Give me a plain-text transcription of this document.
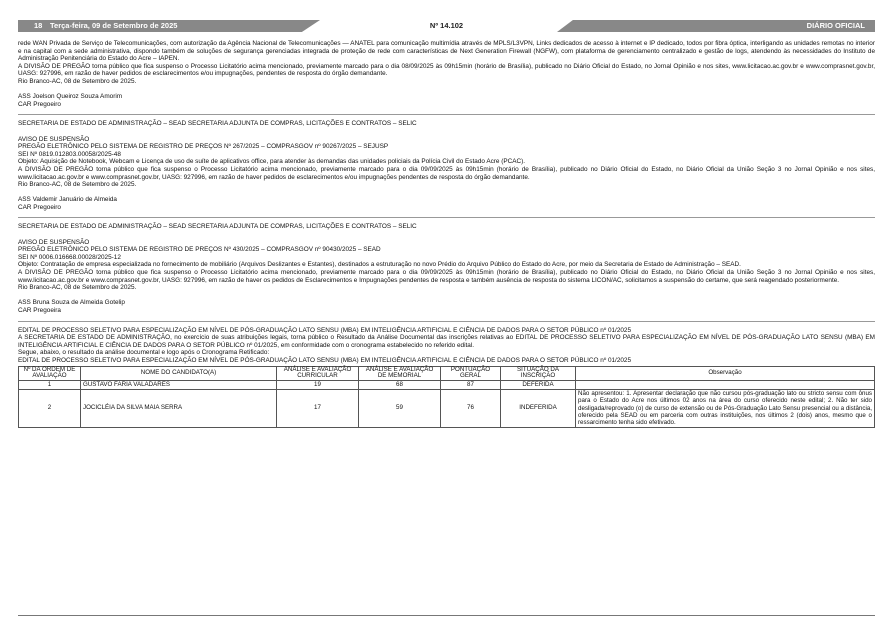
18 Terça-feira, 09 de Setembro de 2025	Nº 14.102	DIÁRIO OFICIAL

rede WAN Privada de Serviço de Telecomunicações, com autorização da Agência Nacional de Telecomunicações — ANATEL para comunicação multimídia através de MPLS/L3VPN, Links dedicados de acesso à internet e IP dedicado, todos por fibra óptica, interligando as unidades remotas no interior e na capital com a sede administrativa, dispondo também de soluções de segurança gerenciadas integrada de proteção de rede com características de Next Generation Firewall (NGFW), com plataforma de gerenciamento centralizado e gestão de logs, atendendo às necessidades do Instituto de Administração Penitenciária do Estado do Acre – IAPEN.

A DIVISÃO DE PREGÃO torna público que fica suspenso o Processo Licitatório acima mencionado, previamente marcado para o dia 08/09/2025 às 09h15min (horário de Brasília), publicado no Diário Oficial do Estado, no Jornal Opinião e nos sites, www.licitacao.ac.gov.br e www.comprasnet.gov.br, UASG: 927996, em razão de haver pedidos de esclarecimentos e/ou impugnações, pendentes de resposta do órgão demandante.

Rio Branco-AC, 08 de Setembro de 2025.

ASS Joelson Queiroz Souza Amorim

CAR Pregoeiro

SECRETARIA DE ESTADO DE ADMINISTRAÇÃO – SEAD SECRETARIA ADJUNTA DE COMPRAS, LICITAÇÕES E CONTRATOS – SELIC

AVISO DE SUSPENSÃO

PREGÃO ELETRÔNICO PELO SISTEMA DE REGISTRO DE PREÇOS Nº 267/2025 – COMPRASGOV nº 90267/2025 – SEJUSP

SEI Nº 0819.012803.00058/2025-48

Objeto: Aquisição de Notebook, Webcam e Licença de uso de suíte de aplicativos office, para atender às demandas das unidades policiais da Polícia Civil do Estado Acre (PCAC).

A DIVISÃO DE PREGÃO torna público que fica suspenso o Processo Licitatório acima mencionado, previamente marcado para o dia 09/09/2025 às 09h15min (horário de Brasília), publicado no Diário Oficial do Estado, no Diário Oficial da União Seção 3 no Jornal Opinião e nos sites, www.licitacao.ac.gov.br e www.comprasnet.gov.br, UASG: 927996, em razão de haver pedidos de esclarecimentos e/ou impugnações pendentes de resposta do órgão demandante.

Rio Branco-AC, 08 de Setembro de 2025.

ASS Valdemir Januário de Almeida

CAR Pregoeiro

SECRETARIA DE ESTADO DE ADMINISTRAÇÃO – SEAD SECRETARIA ADJUNTA DE COMPRAS, LICITAÇÕES E CONTRATOS – SELIC

AVISO DE SUSPENSÃO

PREGÃO ELETRÔNICO PELO SISTEMA DE REGISTRO DE PREÇOS Nº 430/2025 – COMPRASGOV nº 90430/2025 – SEAD

SEI Nº 0006.016668.00028/2025-12

Objeto: Contratação de empresa especializada no fornecimento de mobiliário (Arquivos Deslizantes e Estantes), destinados a estruturação no novo Prédio do Arquivo Público do Estado do Acre, por meio da Secretaria de Estado de Administração – SEAD.

A DIVISÃO DE PREGÃO torna público que fica suspenso o Processo Licitatório acima mencionado, previamente marcado para o dia 09/09/2025 às 09h15min (horário de Brasília), publicado no Diário Oficial do Estado, no Diário Oficial da União Seção 3 no Jornal Opinião e nos sites, www.licitacao.ac.gov.br e www.comprasnet.gov.br, UASG: 927996, em razão de haver os pedidos de Esclarecimentos e Impugnações pendentes de resposta e também ausência de resposta do sistema LICON/AC, solicitamos a suspensão do certame, que será reagendado posteriormente.

Rio Branco-AC, 08 de Setembro de 2025.

ASS Bruna Souza de Almeida Gotelip

CAR Pregoeira

EDITAL DE PROCESSO SELETIVO PARA ESPECIALIZAÇÃO EM NÍVEL DE PÓS-GRADUAÇÃO LATO SENSU (MBA) EM INTELIGÊNCIA ARTIFICIAL E CIÊNCIA DE DADOS PARA O SETOR PÚBLICO nº 01/2025

A SECRETARIA DE ESTADO DE ADMINISTRAÇÃO, no exercício de suas atribuições legais, torna público o Resultado da Análise Documental das inscrições relativas ao EDITAL DE PROCESSO SELETIVO PARA ESPECIALIZAÇÃO EM NÍVEL DE PÓS-GRADUAÇÃO LATO SENSU (MBA) EM INTELIGÊNCIA ARTIFICIAL E CIÊNCIA DE DADOS PARA O SETOR PÚBLICO nº 01/2025, em conformidade com o cronograma estabelecido no referido edital.

Segue, abaixo, o resultado da análise documental e logo após o Cronograma Retificado:

EDITAL DE PROCESSO SELETIVO PARA ESPECIALIZAÇÃO EM NÍVEL DE PÓS-GRADUAÇÃO LATO SENSU (MBA) EM INTELIGÊNCIA ARTIFICIAL E CIÊNCIA DE DADOS PARA O SETOR PÚBLICO nº 01/2025

Nº DA ORDEM DE AVALIAÇÃO	NOME DO CANDIDATO(A)	ANÁLISE E AVALIAÇÃO CURRICULAR	ANÁLISE E AVALIAÇÃO DE MEMORIAL	PONTUAÇÃO GERAL	SITUAÇÃO DA INSCRIÇÃO	Observação
1	GUSTAVO FARIA VALADARES	19	68	87	DEFERIDA	
2	JOCICLÉIA DA SILVA MAIA SERRA	17	59	76	INDEFERIDA	Não apresentou: 1. Apresentar declaração que não cursou pós-graduação lato ou stricto sensu com ônus para o Estado do Acre nos últimos 02 anos na área do curso oferecido neste edital; 2. Não ter sido desligada/reprovado (o) de curso de extensão ou de Pós-Graduação Lato Sensu presencial ou a distância, oferecido pela SEAD ou em parceria com outras instituições, nos últimos 2 (dois) anos, mesmo que o ressarcimento tenha sido efetivado.
